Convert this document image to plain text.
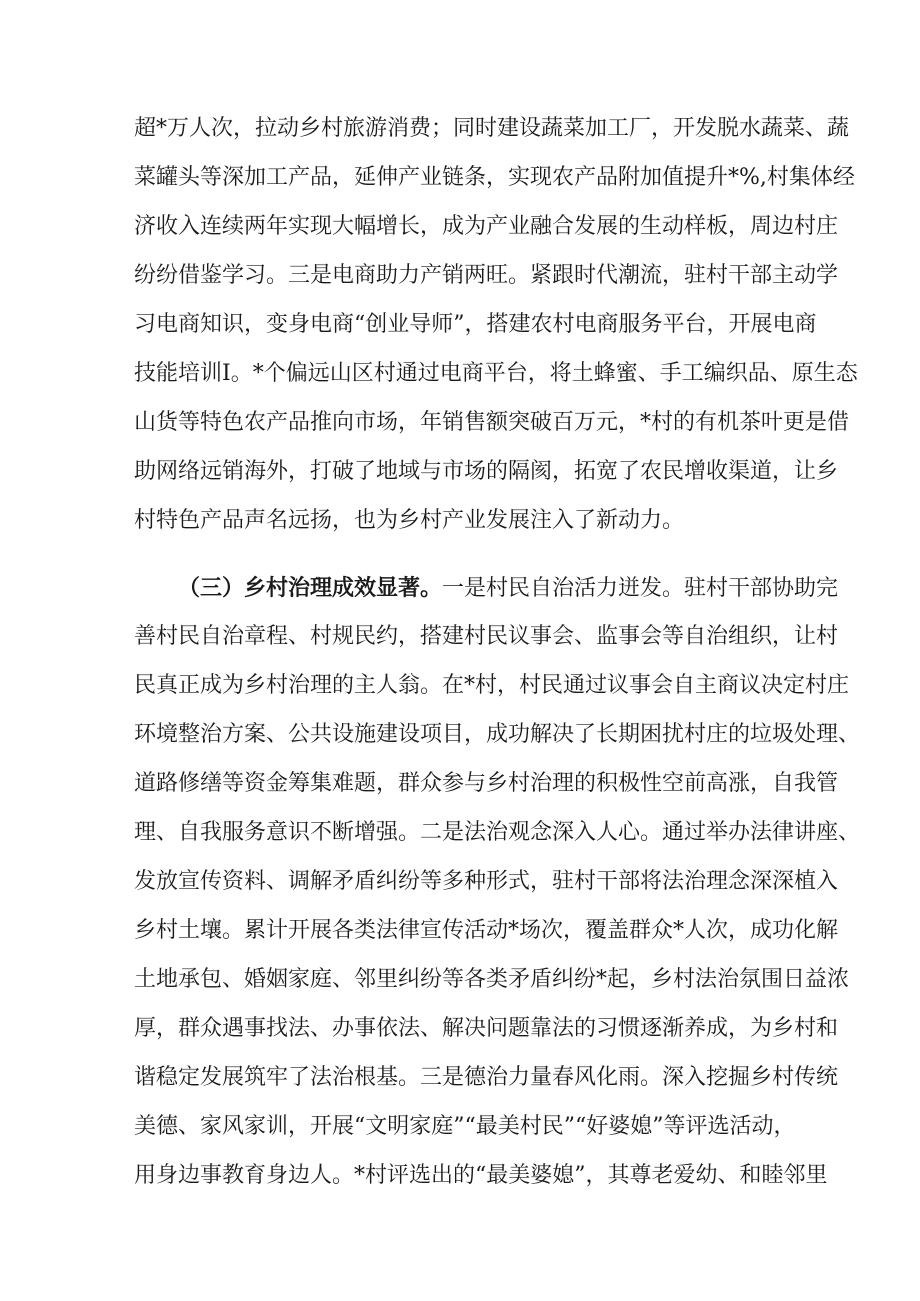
超*万人次，拉动乡村旅游消费；同时建设蔬菜加工厂，开发脱水蔬菜、蔬
菜罐头等深加工产品，延伸产业链条，实现农产品附加值提升*%,村集体经
济收入连续两年实现大幅增长，成为产业融合发展的生动样板，周边村庄
纷纷借鉴学习。三是电商助力产销两旺。紧跟时代潮流，驻村干部主动学
习电商知识，变身电商“创业导师”，搭建农村电商服务平台，开展电商
技能培训I。*个偏远山区村通过电商平台，将土蜂蜜、手工编织品、原生态
山货等特色农产品推向市场，年销售额突破百万元，*村的有机茶叶更是借
助网络远销海外，打破了地域与市场的隔阂，拓宽了农民增收渠道，让乡
村特色产品声名远扬，也为乡村产业发展注入了新动力。
（三）乡村治理成效显著。一是村民自治活力迸发。驻村干部协助完
善村民自治章程、村规民约，搭建村民议事会、监事会等自治组织，让村
民真正成为乡村治理的主人翁。在*村，村民通过议事会自主商议决定村庄
环境整治方案、公共设施建设项目，成功解决了长期困扰村庄的垃圾处理、
道路修缮等资金筹集难题，群众参与乡村治理的积极性空前高涨，自我管
理、自我服务意识不断增强。二是法治观念深入人心。通过举办法律讲座、
发放宣传资料、调解矛盾纠纷等多种形式，驻村干部将法治理念深深植入
乡村土壤。累计开展各类法律宣传活动*场次，覆盖群众*人次，成功化解
土地承包、婚姻家庭、邻里纠纷等各类矛盾纠纷*起，乡村法治氛围日益浓
厚，群众遇事找法、办事依法、解决问题靠法的习惯逐渐养成，为乡村和
谐稳定发展筑牢了法治根基。三是德治力量春风化雨。深入挖掘乡村传统
美德、家风家训，开展“文明家庭”“最美村民”“好婆媳”等评选活动，
用身边事教育身边人。*村评选出的“最美婆媳”，其尊老爱幼、和睦邻里
